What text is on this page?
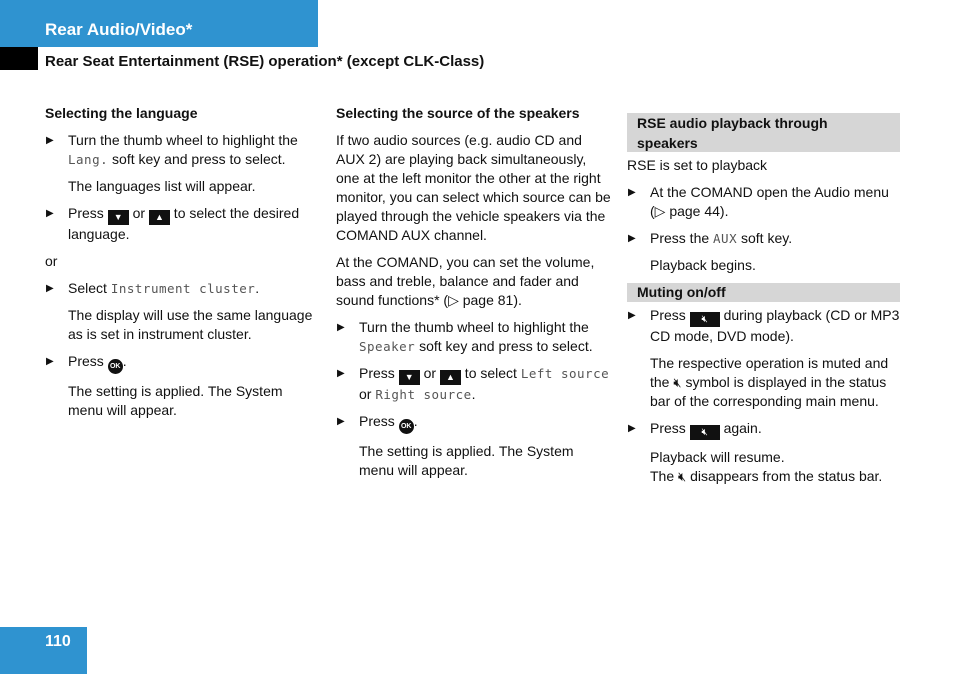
Rear Audio/Video*
Rear Seat Entertainment (RSE) operation* (except CLK-Class)
Selecting the language
▶ Turn the thumb wheel to highlight the
Lang. soft key and press to select.

The languages list will appear.

▶ Press ▼ or ▲ to select the desired language.

or

▶ Select Instrument cluster.

The display will use the same language as is set in instrument cluster.

▶ Press OK .

The setting is applied. The System menu will appear.

Selecting the source of the speakers

If two audio sources (e.g. audio CD and AUX 2) are playing back simultaneously, one at the left monitor the other at the right monitor, you can select which source can be played through the vehicle speakers via the COMAND AUX channel.

At the COMAND, you can set the volume, bass and treble, balance and fader and sound functions* (▷ page 81).

▶ Turn the thumb wheel to highlight the Speaker soft key and press to select.
▶ Press ▼ or ▲ to select Left source or Right source.
▶ Press OK .

The setting is applied. The System menu will appear.

RSE audio playback through speakers

RSE is set to playback

▶ At the COMAND open the Audio menu (▷ page 44).
▶ Press the AUX soft key.

Playback begins.

Muting on/off
▶ Press 🔇︎ during playback (CD or MP3 CD mode, DVD mode).

The respective operation is muted and the 🔇︎ symbol is displayed in the status bar of the corresponding main menu.

▶ Press 🔇︎ again.

Playback will resume.
The 🔇︎ disappears from the status bar.

110
